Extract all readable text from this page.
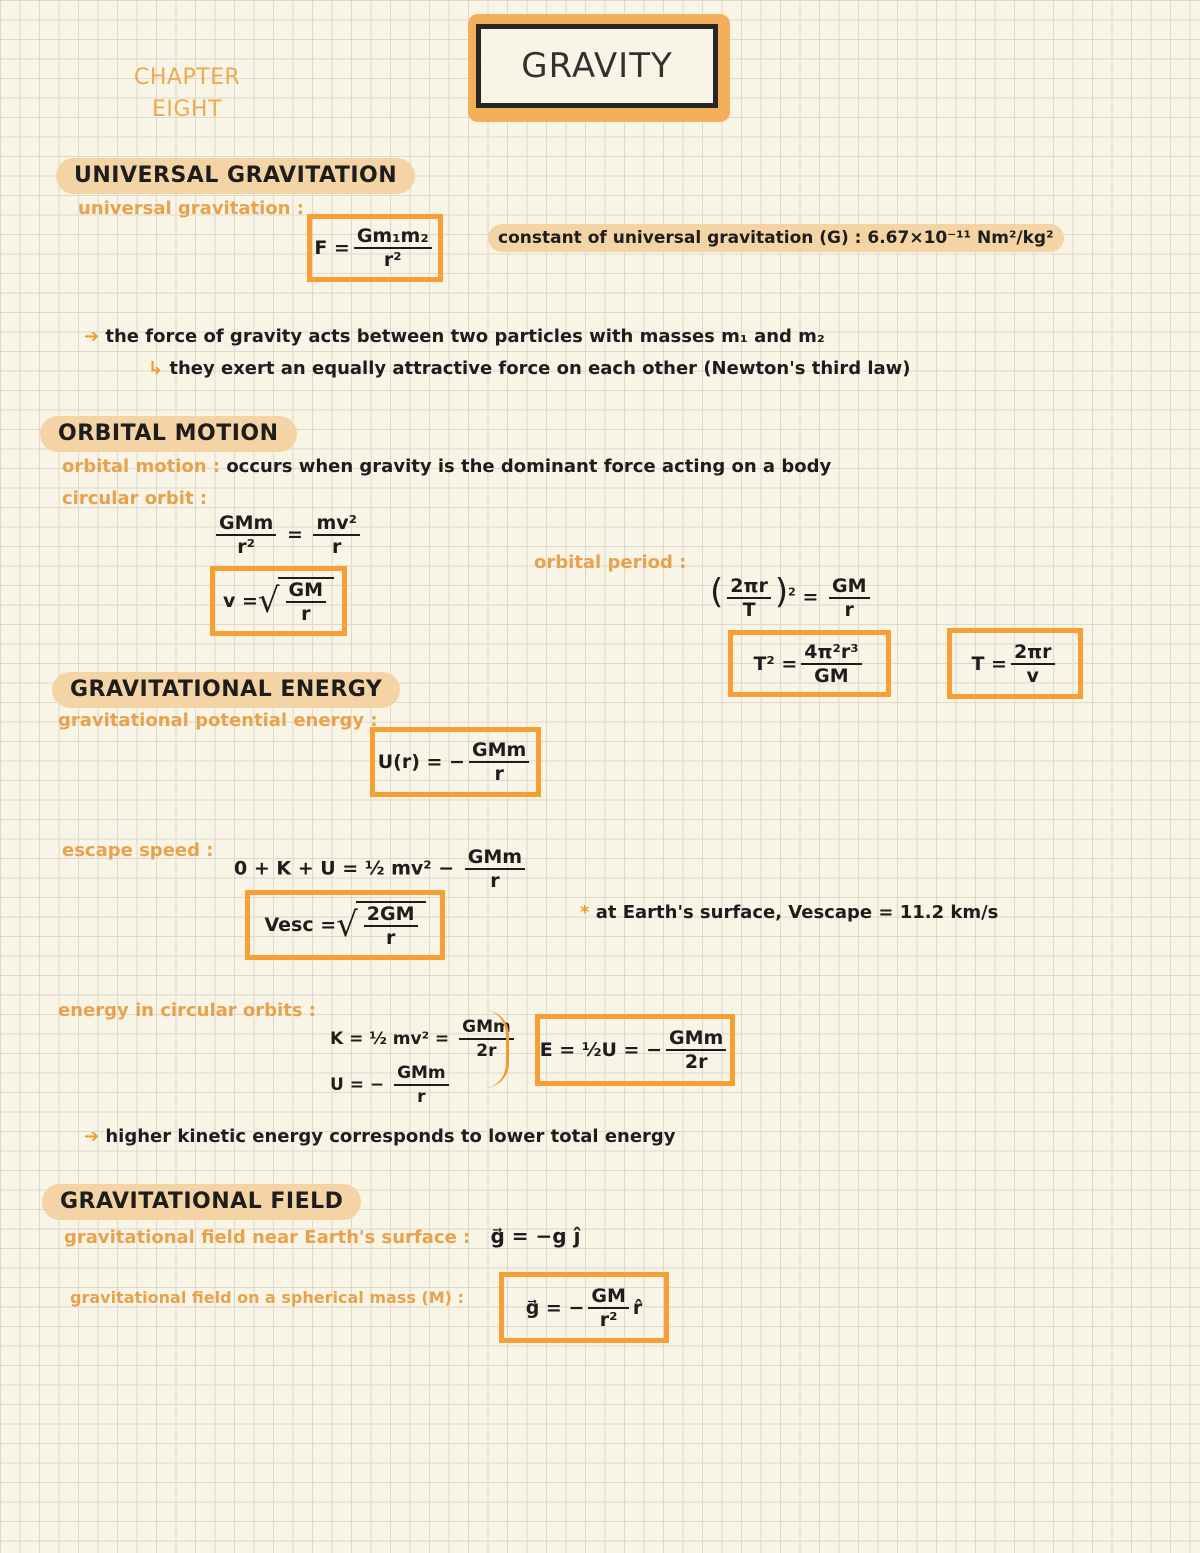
CHAPTER
EIGHT
GRAVITY
UNIVERSAL GRAVITATION
universal gravitation :
$F = \frac{\text{Gm₁m₂}}{\text{r²}}$	constant of universal gravitation (G) : 6.67×10⁻¹¹ Nm²/kg²
➔ the force of gravity acts between two particles with masses m₁ and m₂
↳ they exert an equally attractive force on each other (Newton's third law)
ORBITAL MOTION
orbital motion : occurs when gravity is the dominant force acting on a body
circular orbit :
$\frac{\text{GMm}}{\text{r²}} = \frac{\text{mv²}}{r}$
v = √ $\frac{GM}{r}$
orbital period :
( $\frac{2\pi r}{T} )^2 = \frac{GM}{r}$
$T^2 = \frac{\text{4π²r³}}{GM}$	$T = \frac{2\pi r}{v}$
GRAVITATIONAL ENERGY
gravitational potential energy :
U(r) = − $\frac{\text{GMm}}{r}$
escape speed :
0 + K + U = ½ $mv^2 - \frac{\text{GMm}}{r}$
Vesc = √ $\frac{2GM}{r}$	* at Earth's surface, Vescape = 11.2 km/s
energy in circular orbits :
K = ½ $mv^2 = \frac{\text{GMm}}{2r}$
U = − $\frac{\text{GMm}}{r}$
E = ½U = − $\frac{\text{GMm}}{2r}$
➔ higher kinetic energy corresponds to lower total energy
GRAVITATIONAL FIELD
gravitational field near Earth's surface : g⃗ = −g ĵ
gravitational field on a spherical mass (M) :	g⃗ = − $\frac{GM}{\text{r²}}$ r̂
